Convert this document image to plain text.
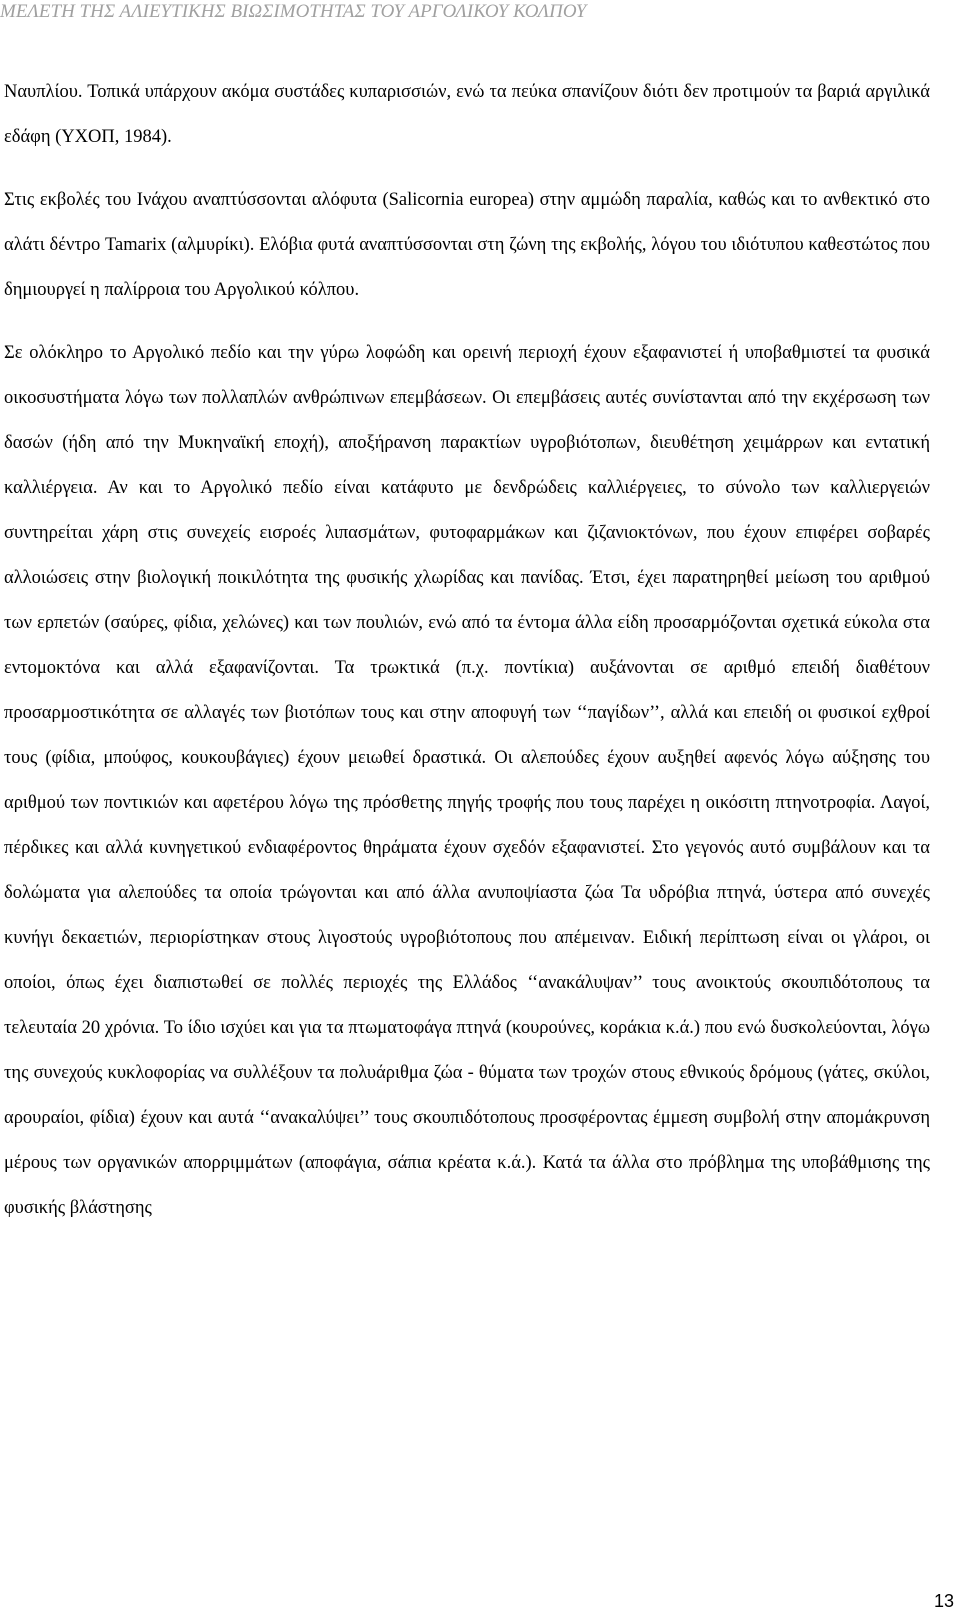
ΜΕΛΕΤΗ ΤΗΣ ΑΛΙΕΥΤΙΚΗΣ ΒΙΩΣΙΜΟΤΗΤΑΣ ΤΟΥ ΑΡΓΟΛΙΚΟΥ ΚΟΛΠΟΥ

Ναυπλίου. Τοπικά υπάρχουν ακόμα συστάδες κυπαρισσιών, ενώ τα πεύκα σπανίζουν διότι δεν προτιμούν τα βαριά αργιλικά εδάφη (ΥΧΟΠ, 1984).

Στις εκβολές του Ινάχου αναπτύσσονται αλόφυτα (Salicornia europea) στην αμμώδη παραλία, καθώς και το ανθεκτικό στο αλάτι δέντρο Tamarix (αλμυρίκι). Ελόβια φυτά αναπτύσσονται στη ζώνη της εκβολής, λόγου του ιδιότυπου καθεστώτος που δημιουργεί η παλίρροια του Αργολικού κόλπου.

Σε ολόκληρο το Αργολικό πεδίο και την γύρω λοφώδη και ορεινή περιοχή έχουν εξαφανιστεί ή υποβαθμιστεί τα φυσικά οικοσυστήματα λόγω των πολλαπλών ανθρώπινων επεμβάσεων. Οι επεμβάσεις αυτές συνίστανται από την εκχέρσωση των δασών (ήδη από την Μυκηναϊκή εποχή), αποξήρανση παρακτίων υγροβιότοπων, διευθέτηση χειμάρρων και εντατική καλλιέργεια. Αν και το Αργολικό πεδίο είναι κατάφυτο με δενδρώδεις καλλιέργειες, το σύνολο των καλλιεργειών συντηρείται χάρη στις συνεχείς εισροές λιπασμάτων, φυτοφαρμάκων και ζιζανιοκτόνων, που έχουν επιφέρει σοβαρές αλλοιώσεις στην βιολογική ποικιλότητα της φυσικής χλωρίδας και πανίδας. Έτσι, έχει παρατηρηθεί μείωση του αριθμού των ερπετών (σαύρες, φίδια, χελώνες) και των πουλιών, ενώ από τα έντομα άλλα είδη προσαρμόζονται σχετικά εύκολα στα εντομοκτόνα και αλλά εξαφανίζονται. Τα τρωκτικά (π.χ. ποντίκια) αυξάνονται σε αριθμό επειδή διαθέτουν προσαρμοστικότητα σε αλλαγές των βιοτόπων τους και στην αποφυγή των ‘‘παγίδων’’, αλλά και επειδή οι φυσικοί εχθροί τους (φίδια, μπούφος, κουκουβάγιες) έχουν μειωθεί δραστικά. Οι αλεπούδες έχουν αυξηθεί αφενός λόγω αύξησης του αριθμού των ποντικιών και αφετέρου λόγω της πρόσθετης πηγής τροφής που τους παρέχει η οικόσιτη πτηνοτροφία. Λαγοί, πέρδικες και αλλά κυνηγετικού ενδιαφέροντος θηράματα έχουν σχεδόν εξαφανιστεί. Στο γεγονός αυτό συμβάλουν και τα δολώματα για αλεπούδες τα οποία τρώγονται και από άλλα ανυποψίαστα ζώα Τα υδρόβια πτηνά, ύστερα από συνεχές κυνήγι δεκαετιών, περιορίστηκαν στους λιγοστούς υγροβιότοπους που απέμειναν. Ειδική περίπτωση είναι οι γλάροι, οι οποίοι, όπως έχει διαπιστωθεί σε πολλές περιοχές της Ελλάδος ‘‘ανακάλυψαν’’ τους ανοικτούς σκουπιδότοπους τα τελευταία 20 χρόνια. Το ίδιο ισχύει και για τα πτωματοφάγα πτηνά (κουρούνες, κοράκια κ.ά.) που ενώ δυσκολεύονται, λόγω της συνεχούς κυκλοφορίας να συλλέξουν τα πολυάριθμα ζώα - θύματα των τροχών στους εθνικούς δρόμους (γάτες, σκύλοι, αρουραίοι, φίδια) έχουν και αυτά ‘‘ανακαλύψει’’ τους σκουπιδότοπους προσφέροντας έμμεση συμβολή στην απομάκρυνση μέρους των οργανικών απορριμμάτων (αποφάγια, σάπια κρέατα κ.ά.). Κατά τα άλλα στο πρόβλημα της υποβάθμισης της φυσικής βλάστησης

13
